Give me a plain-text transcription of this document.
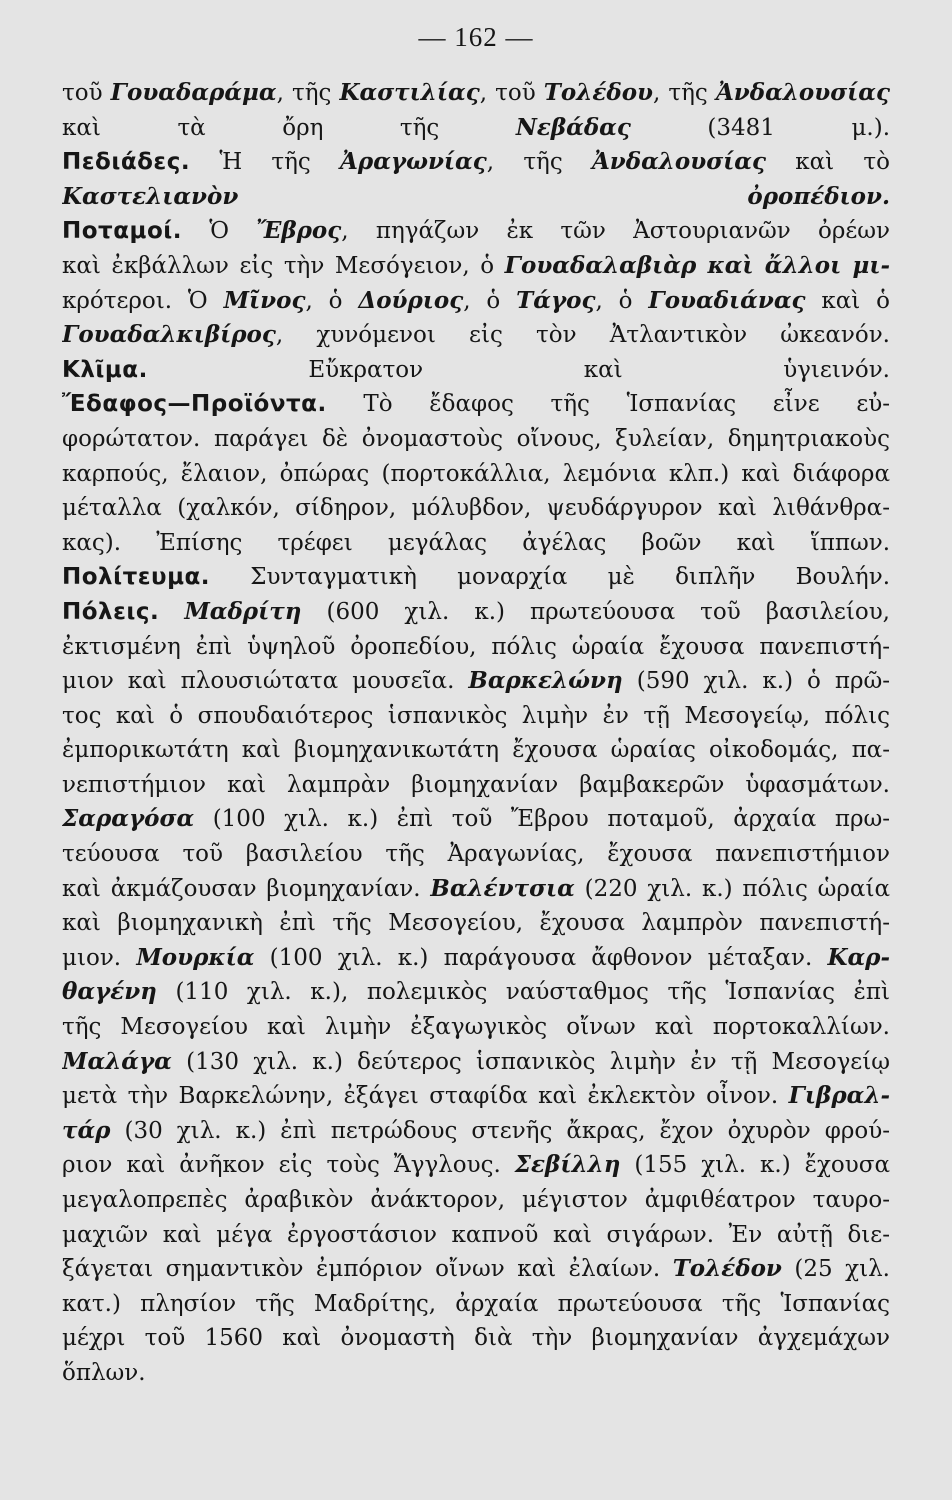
— 162 —
τοῦ Γουαδαράμα, τῆς Καστιλίας, τοῦ Τολέδου, τῆς Ἀνδαλουσίας
καὶ τὰ ὄρη τῆς Νεβάδας (3481 μ.).
Πεδιάδες. Ἡ τῆς Ἀραγωνίας, τῆς Ἀνδαλουσίας καὶ τὸ
Καστελιανὸν ὀροπέδιον.
Ποταμοί. Ὁ Ἔβρος, πηγάζων ἐκ τῶν Ἀστουριανῶν ὀρέων
καὶ ἐκβάλλων εἰς τὴν Μεσόγειον, ὁ Γουαδαλαβιὰρ καὶ ἄλλοι μι-
κρότεροι. Ὁ Μῖνος, ὁ Δούριος, ὁ Τάγος, ὁ Γουαδιάνας καὶ ὁ
Γουαδαλκιβίρος, χυνόμενοι εἰς τὸν Ἀτλαντικὸν ὠκεανόν.
Κλῖμα. Εὔκρατον καὶ ὑγιεινόν.
Ἔδαφος—Προϊόντα. Τὸ ἔδαφος τῆς Ἱσπανίας εἶνε εὐ-
φορώτατον. παράγει δὲ ὀνομαστοὺς οἴνους, ξυλείαν, δημητριακοὺς
καρπούς, ἔλαιον, ὀπώρας (πορτοκάλλια, λεμόνια κλπ.) καὶ διάφορα
μέταλλα (χαλκόν, σίδηρον, μόλυβδον, ψευδάργυρον καὶ λιθάνθρα-
κας). Ἐπίσης τρέφει μεγάλας ἀγέλας βοῶν καὶ ἵππων.
Πολίτευμα. Συνταγματικὴ μοναρχία μὲ διπλῆν Βουλήν.
Πόλεις. Μαδρίτη (600 χιλ. κ.) πρωτεύουσα τοῦ βασιλείου,
ἐκτισμένη ἐπὶ ὑψηλοῦ ὀροπεδίου, πόλις ὡραία ἔχουσα πανεπιστή-
μιον καὶ πλουσιώτατα μουσεῖα. Βαρκελώνη (590 χιλ. κ.) ὁ πρῶ-
τος καὶ ὁ σπουδαιότερος ἱσπανικὸς λιμὴν ἐν τῇ Μεσογείῳ, πόλις
ἐμπορικωτάτη καὶ βιομηχανικωτάτη ἔχουσα ὡραίας οἰκοδομάς, πα-
νεπιστήμιον καὶ λαμπρὰν βιομηχανίαν βαμβακερῶν ὑφασμάτων.
Σαραγόσα (100 χιλ. κ.) ἐπὶ τοῦ Ἔβρου ποταμοῦ, ἀρχαία πρω-
τεύουσα τοῦ βασιλείου τῆς Ἀραγωνίας, ἔχουσα πανεπιστήμιον
καὶ ἀκμάζουσαν βιομηχανίαν. Βαλέντσια (220 χιλ. κ.) πόλις ὡραία
καὶ βιομηχανικὴ ἐπὶ τῆς Μεσογείου, ἔχουσα λαμπρὸν πανεπιστή-
μιον. Μουρκία (100 χιλ. κ.) παράγουσα ἄφθονον μέταξαν. Καρ-
θαγένη (110 χιλ. κ.), πολεμικὸς ναύσταθμος τῆς Ἱσπανίας ἐπὶ
τῆς Μεσογείου καὶ λιμὴν ἐξαγωγικὸς οἴνων καὶ πορτοκαλλίων.
Μαλάγα (130 χιλ. κ.) δεύτερος ἱσπανικὸς λιμὴν ἐν τῇ Μεσογείῳ
μετὰ τὴν Βαρκελώνην, ἐξάγει σταφίδα καὶ ἐκλεκτὸν οἶνον. Γιβραλ-
τάρ (30 χιλ. κ.) ἐπὶ πετρώδους στενῆς ἄκρας, ἔχον ὀχυρὸν φρού-
ριον καὶ ἀνῆκον εἰς τοὺς Ἄγγλους. Σεβίλλη (155 χιλ. κ.) ἔχουσα
μεγαλοπρεπὲς ἀραβικὸν ἀνάκτορον, μέγιστον ἀμφιθέατρον ταυρο-
μαχιῶν καὶ μέγα ἐργοστάσιον καπνοῦ καὶ σιγάρων. Ἐν αὐτῇ διε-
ξάγεται σημαντικὸν ἐμπόριον οἴνων καὶ ἐλαίων. Τολέδον (25 χιλ.
κατ.) πλησίον τῆς Μαδρίτης, ἀρχαία πρωτεύουσα τῆς Ἱσπανίας
μέχρι τοῦ 1560 καὶ ὀνομαστὴ διὰ τὴν βιομηχανίαν ἀγχεμάχων
ὅπλων.
